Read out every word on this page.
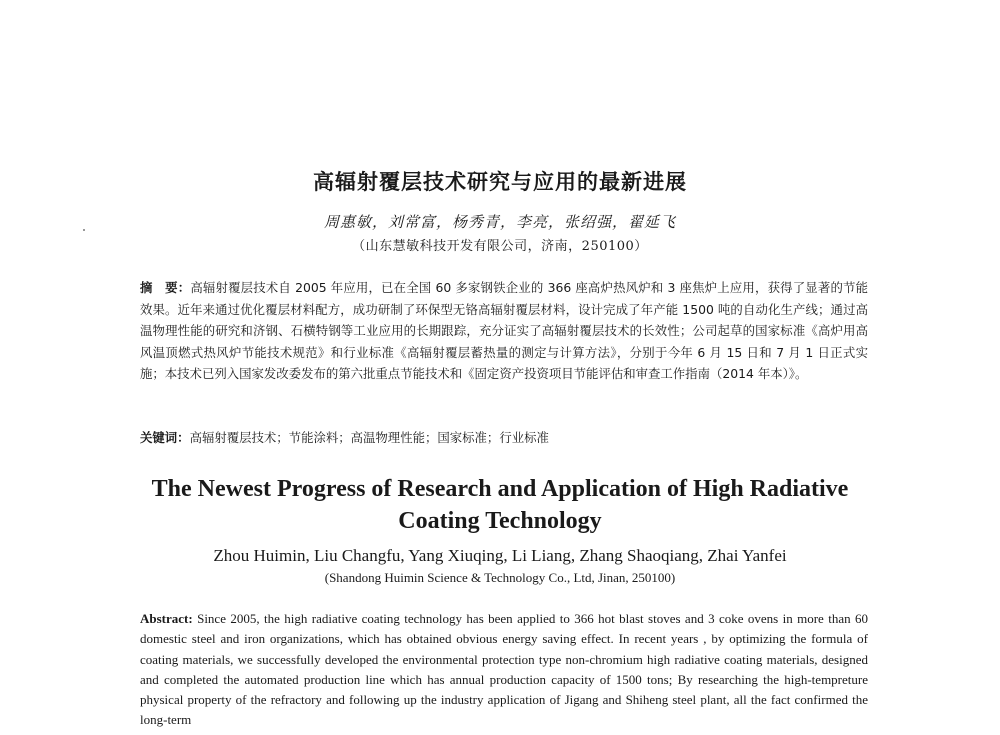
高辐射覆层技术研究与应用的最新进展
周惠敏，刘常富，杨秀青，李亮，张绍强，翟延飞
（山东慧敏科技开发有限公司，济南，250100）
摘　要：高辐射覆层技术自 2005 年应用，已在全国 60 多家钢铁企业的 366 座高炉热风炉和 3 座焦炉上应用，获得了显著的节能效果。近年来通过优化覆层材料配方，成功研制了环保型无铬高辐射覆层材料，设计完成了年产能 1500 吨的自动化生产线；通过高温物理性能的研究和济钢、石横特钢等工业应用的长期跟踪，充分证实了高辐射覆层技术的长效性；公司起草的国家标准《高炉用高风温顶燃式热风炉节能技术规范》和行业标准《高辐射覆层蓄热量的测定与计算方法》，分别于今年 6 月 15 日和 7 月 1 日正式实施；本技术已列入国家发改委发布的第六批重点节能技术和《固定资产投资项目节能评估和审查工作指南（2014 年本）》。
关键词：高辐射覆层技术；节能涂料；高温物理性能；国家标准；行业标准
The Newest Progress of Research and Application of High Radiative Coating Technology
Zhou Huimin, Liu Changfu, Yang Xiuqing, Li Liang, Zhang Shaoqiang, Zhai Yanfei
(Shandong Huimin Science & Technology Co., Ltd, Jinan, 250100)
Abstract: Since 2005, the high radiative coating technology has been applied to 366 hot blast stoves and 3 coke ovens in more than 60 domestic steel and iron organizations, which has obtained obvious energy saving effect. In recent years , by optimizing the formula of coating materials, we successfully developed the environmental protection type non-chromium high radiative coating materials, designed and completed the automated production line which has annual production capacity of 1500 tons; By researching the high-tempreture physical property of the refractory and following up the industry application of Jigang and Shiheng steel plant, all the fact confirmed the long-term
